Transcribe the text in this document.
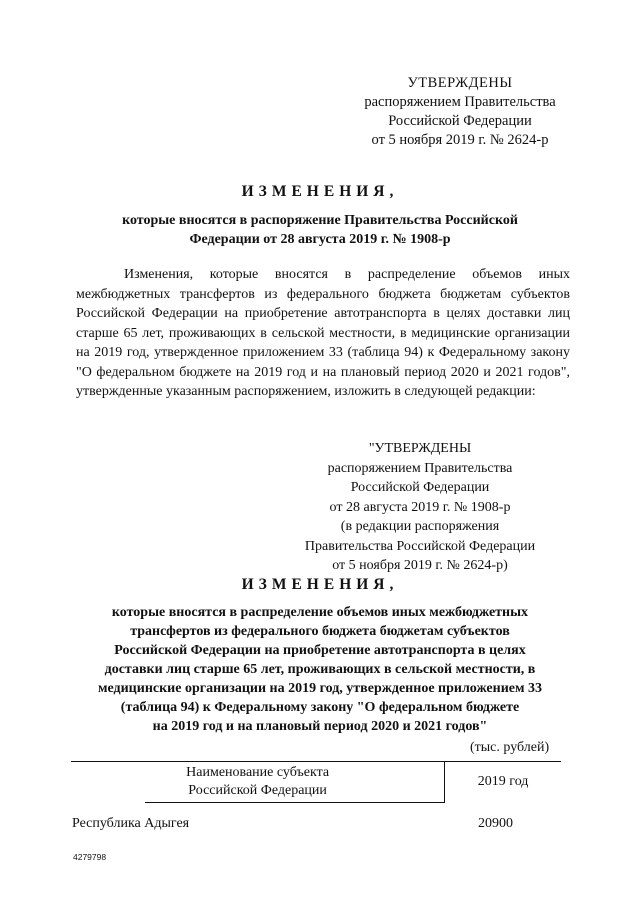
УТВЕРЖДЕНЫ
распоряжением Правительства
Российской Федерации
от 5 ноября 2019 г. № 2624-р
ИЗМЕНЕНИЯ,
которые вносятся в распоряжение Правительства Российской
Федерации от 28 августа 2019 г. № 1908-р
Изменения, которые вносятся в распределение объемов иных межбюджетных трансфертов из федерального бюджета бюджетам субъектов Российской Федерации на приобретение автотранспорта в целях доставки лиц старше 65 лет, проживающих в сельской местности, в медицинские организации на 2019 год, утвержденное приложением 33 (таблица 94) к Федеральному закону "О федеральном бюджете на 2019 год и на плановый период 2020 и 2021 годов", утвержденные указанным распоряжением, изложить в следующей редакции:
"УТВЕРЖДЕНЫ
распоряжением Правительства
Российской Федерации
от 28 августа 2019 г. № 1908-р
(в редакции распоряжения
Правительства Российской Федерации
от 5 ноября 2019 г. № 2624-р)
ИЗМЕНЕНИЯ,
которые вносятся в распределение объемов иных межбюджетных
трансфертов из федерального бюджета бюджетам субъектов
Российской Федерации на приобретение автотранспорта в целях
доставки лиц старше 65 лет, проживающих в сельской местности, в
медицинские организации на 2019 год, утвержденное приложением 33
(таблица 94) к Федеральному закону "О федеральном бюджете
на 2019 год и на плановый период 2020 и 2021 годов"
(тыс. рублей)
Наименование субъекта
Российской Федерации
	2019 год
Республика Адыгея	20900
4279798
